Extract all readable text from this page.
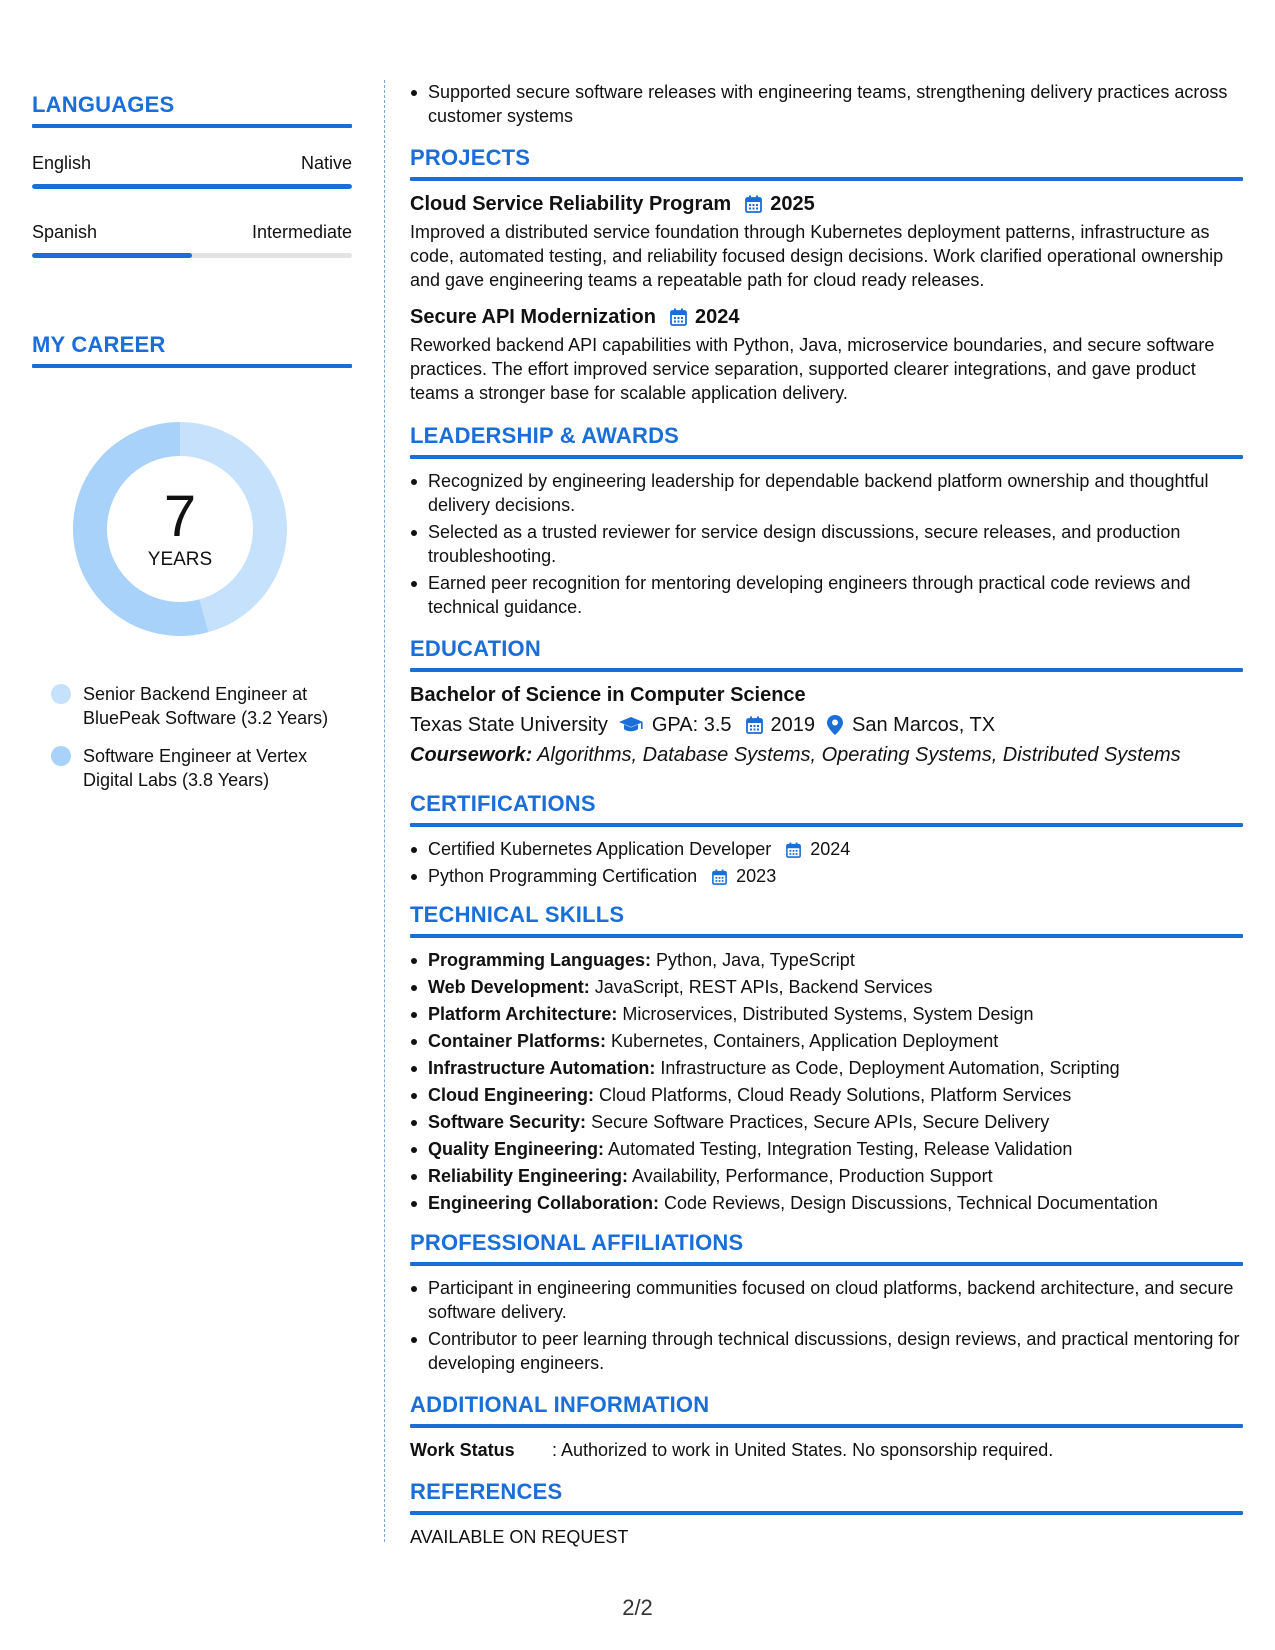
LANGUAGES
English	Native
Spanish	Intermediate
MY CAREER
7
YEARS
Senior Backend Engineer at BluePeak Software (3.2 Years)
Software Engineer at Vertex Digital Labs (3.8 Years)
Supported secure software releases with engineering teams, strengthening delivery practices across customer systems
PROJECTS
Cloud Service Reliability Program 2025
Improved a distributed service foundation through Kubernetes deployment patterns, infrastructure as code, automated testing, and reliability focused design decisions. Work clarified operational ownership and gave engineering teams a repeatable path for cloud ready releases.
Secure API Modernization 2024
Reworked backend API capabilities with Python, Java, microservice boundaries, and secure software practices. The effort improved service separation, supported clearer integrations, and gave product teams a stronger base for scalable application delivery.
LEADERSHIP & AWARDS
Recognized by engineering leadership for dependable backend platform ownership and thoughtful delivery decisions.
Selected as a trusted reviewer for service design discussions, secure releases, and production troubleshooting.
Earned peer recognition for mentoring developing engineers through practical code reviews and technical guidance.
EDUCATION
Bachelor of Science in Computer Science
Texas State University GPA: 3.5 2019 San Marcos, TX
Coursework: Algorithms, Database Systems, Operating Systems, Distributed Systems
CERTIFICATIONS
Certified Kubernetes Application Developer 2024
Python Programming Certification 2023
TECHNICAL SKILLS
Programming Languages: Python, Java, TypeScript
Web Development: JavaScript, REST APIs, Backend Services
Platform Architecture: Microservices, Distributed Systems, System Design
Container Platforms: Kubernetes, Containers, Application Deployment
Infrastructure Automation: Infrastructure as Code, Deployment Automation, Scripting
Cloud Engineering: Cloud Platforms, Cloud Ready Solutions, Platform Services
Software Security: Secure Software Practices, Secure APIs, Secure Delivery
Quality Engineering: Automated Testing, Integration Testing, Release Validation
Reliability Engineering: Availability, Performance, Production Support
Engineering Collaboration: Code Reviews, Design Discussions, Technical Documentation
PROFESSIONAL AFFILIATIONS
Participant in engineering communities focused on cloud platforms, backend architecture, and secure software delivery.
Contributor to peer learning through technical discussions, design reviews, and practical mentoring for developing engineers.
ADDITIONAL INFORMATION
Work Status	: Authorized to work in United States. No sponsorship required.
REFERENCES
AVAILABLE ON REQUEST
2/2
